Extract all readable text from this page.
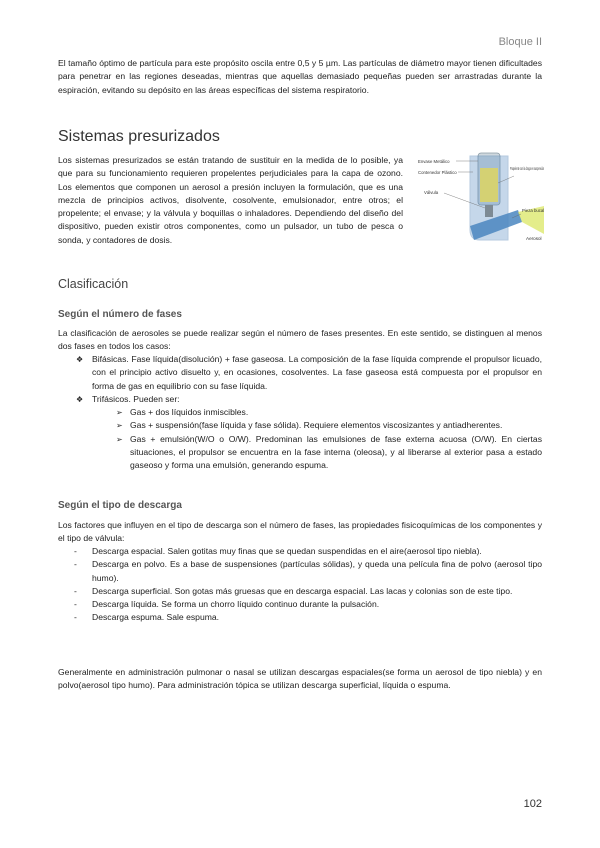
Bloque II

El tamaño óptimo de partícula para este propósito oscila entre 0,5 y 5 µm. Las partículas de diámetro mayor tienen dificultades para penetrar en las regiones deseadas, mientras que aquellas demasiado pequeñas pueden ser arrastradas durante la espiración, evitando su depósito en las áreas específicas del sistema respiratorio.

Sistemas presurizados

Los sistemas presurizados se están tratando de sustituir en la medida de lo posible, ya que para su funcionamiento requieren propelentes perjudiciales para la capa de ozono. Los elementos que componen un aerosol a presión incluyen la formulación, que es una mezcla de principios activos, disolvente, cosolvente, emulsionador, entre otros; el propelente; el envase; y la válvula y boquillas o inhaladores. Dependiendo del diseño del dispositivo, pueden existir otros componentes, como un pulsador, un tubo de pesca o sonda, y contadores de dosis.

Envase Metálico
Contenedor Plástico
Válvula
Propelente con la droga en suspensión
Pieza bucal
Aerosol
Clasificación
Según el número de fases

La clasificación de aerosoles se puede realizar según el número de fases presentes. En este sentido, se distinguen al menos dos fases en todos los casos:

❖ Bifásicas. Fase líquida(disolución) + fase gaseosa. La composición de la fase líquida comprende el propulsor licuado, con el principio activo disuelto y, en ocasiones, cosolventes. La fase gaseosa está compuesta por el propulsor en forma de gas en equilibrio con su fase líquida.
❖ Trifásicos. Pueden ser:
➢ Gas + dos líquidos inmiscibles.
➢ Gas + suspensión(fase líquida y fase sólida). Requiere elementos viscosizantes y antiadherentes.
➢ Gas + emulsión(W/O o O/W). Predominan las emulsiones de fase externa acuosa (O/W). En ciertas situaciones, el propulsor se encuentra en la fase interna (oleosa), y al liberarse al exterior pasa a estado gaseoso y forma una emulsión, generando espuma.
Según el tipo de descarga

Los factores que influyen en el tipo de descarga son el número de fases, las propiedades fisicoquímicas de los componentes y el tipo de válvula:

- Descarga espacial. Salen gotitas muy finas que se quedan suspendidas en el aire(aerosol tipo niebla).
- Descarga en polvo. Es a base de suspensiones (partículas sólidas), y queda una película fina de polvo (aerosol tipo humo).
- Descarga superficial. Son gotas más gruesas que en descarga espacial. Las lacas y colonias son de este tipo.
- Descarga líquida. Se forma un chorro líquido continuo durante la pulsación.
- Descarga espuma. Sale espuma.

Generalmente en administración pulmonar o nasal se utilizan descargas espaciales(se forma un aerosol de tipo niebla) y en polvo(aerosol tipo humo). Para administración tópica se utilizan descarga superficial, líquida o espuma.

102
